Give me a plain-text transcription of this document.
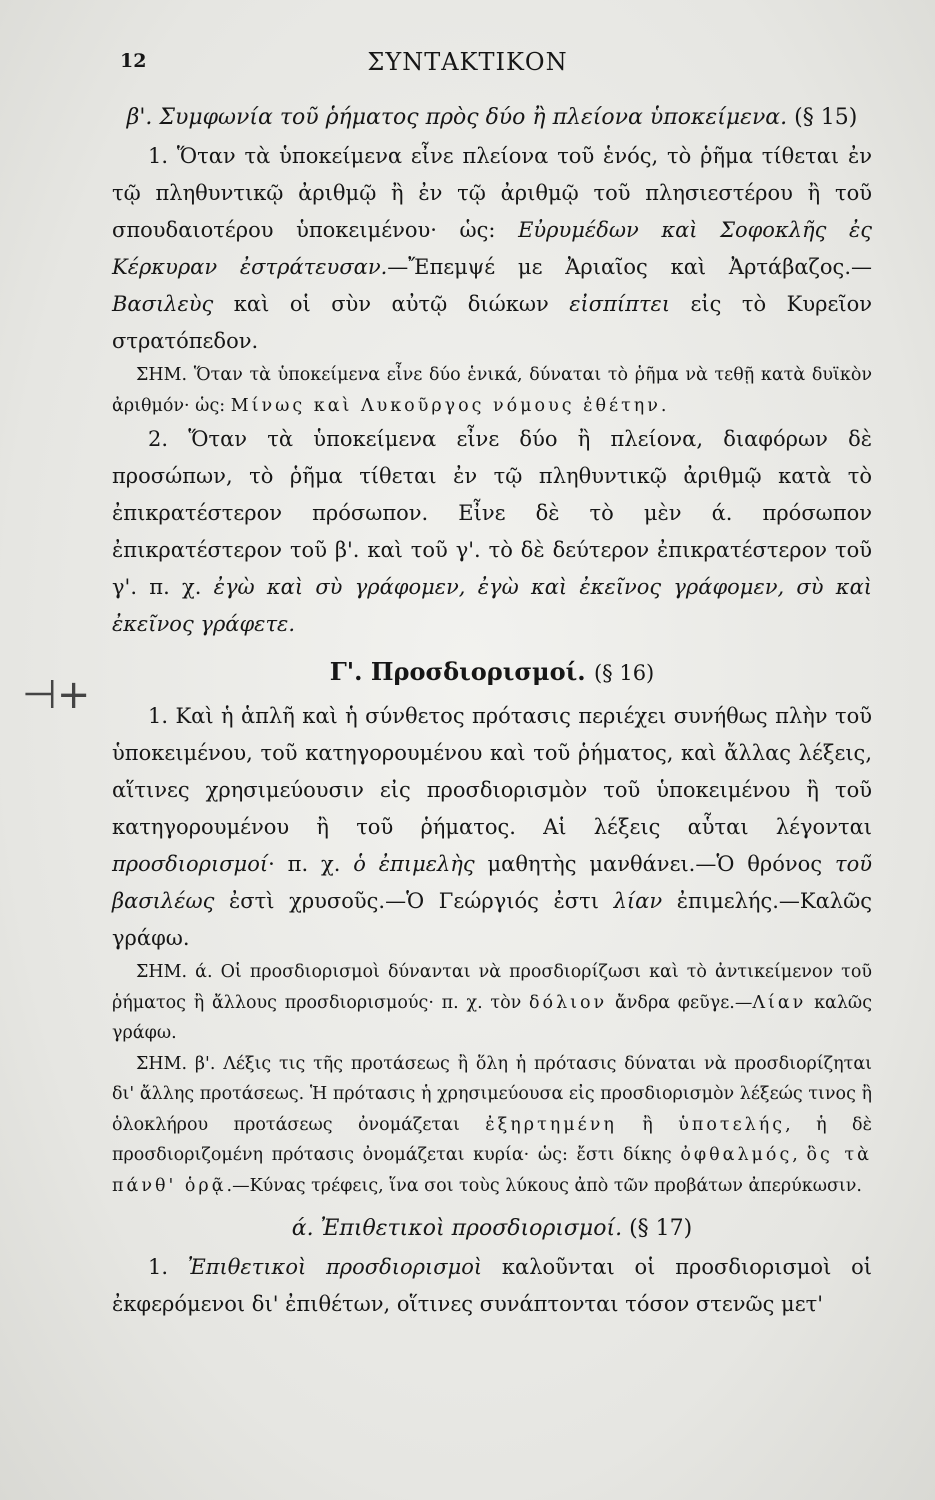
12	ΣΥΝΤΑΚΤΙΚΟΝ
⊣+
β'. Συμφωνία τοῦ ῥήματος πρὸς δύο ἢ πλείονα ὑποκείμενα. (§ 15)

1. Ὅταν τὰ ὑποκείμενα εἶνε πλείονα τοῦ ἑνός, τὸ ῥῆμα τίθεται ἐν τῷ πληθυντικῷ ἀριθμῷ ἢ ἐν τῷ ἀριθμῷ τοῦ πλησιεστέρου ἢ τοῦ σπουδαιοτέρου ὑποκειμένου· ὡς: Εὐρυμέδων καὶ Σοφοκλῆς ἐς Κέρκυραν ἐστράτευσαν.—Ἔπεμψέ με Ἀριαῖος καὶ Ἀρτάβαζος.—Βασιλεὺς καὶ οἱ σὺν αὐτῷ διώκων εἰσπίπτει εἰς τὸ Κυρεῖον στρατόπεδον.

ΣΗΜ. Ὅταν τὰ ὑποκείμενα εἶνε δύο ἑνικά, δύναται τὸ ῥῆμα νὰ τεθῇ κατὰ δυϊκὸν ἀριθμόν· ὡς: Μίνως καὶ Λυκοῦργος νόμους ἐθέτην.

2. Ὅταν τὰ ὑποκείμενα εἶνε δύο ἢ πλείονα, διαφόρων δὲ προσώπων, τὸ ῥῆμα τίθεται ἐν τῷ πληθυντικῷ ἀριθμῷ κατὰ τὸ ἐπικρατέστερον πρόσωπον. Εἶνε δὲ τὸ μὲν ά. πρόσωπον ἐπικρατέστερον τοῦ β'. καὶ τοῦ γ'. τὸ δὲ δεύτερον ἐπικρατέστερον τοῦ γ'. π. χ. ἐγὼ καὶ σὺ γράφομεν, ἐγὼ καὶ ἐκεῖνος γράφομεν, σὺ καὶ ἐκεῖνος γράφετε.

Γ'. Προσδιορισμοί. (§ 16)

1. Καὶ ἡ ἁπλῆ καὶ ἡ σύνθετος πρότασις περιέχει συνήθως πλὴν τοῦ ὑποκειμένου, τοῦ κατηγορουμένου καὶ τοῦ ῥήματος, καὶ ἄλλας λέξεις, αἵτινες χρησιμεύουσιν εἰς προσδιορισμὸν τοῦ ὑποκειμένου ἢ τοῦ κατηγορουμένου ἢ τοῦ ῥήματος. Αἱ λέξεις αὗται λέγονται προσδιορισμοί· π. χ. ὁ ἐπιμελὴς μαθητὴς μανθάνει.—Ὁ θρόνος τοῦ βασιλέως ἐστὶ χρυσοῦς.—Ὁ Γεώργιός ἐστι λίαν ἐπιμελής.—Καλῶς γράφω.

ΣΗΜ. ά. Οἱ προσδιορισμοὶ δύνανται νὰ προσδιορίζωσι καὶ τὸ ἀντικείμενον τοῦ ῥήματος ἢ ἄλλους προσδιορισμούς· π. χ. τὸν δόλιον ἄνδρα φεῦγε.—Λίαν καλῶς γράφω.

ΣΗΜ. β'. Λέξις τις τῆς προτάσεως ἢ ὅλη ἡ πρότασις δύναται νὰ προσδιορίζηται δι' ἄλλης προτάσεως. Ἡ πρότασις ἡ χρησιμεύουσα εἰς προσδιορισμὸν λέξεώς τινος ἢ ὁλοκλήρου προτάσεως ὀνομάζεται ἐξηρτημένη ἢ ὑποτελής, ἡ δὲ προσδιοριζομένη πρότασις ὀνομάζεται κυρία· ὡς: ἔστι δίκης ὀφθαλμός, ὃς τὰ πάνθ' ὁρᾷ.—Κύνας τρέφεις, ἵνα σοι τοὺς λύκους ἀπὸ τῶν προβάτων ἀπερύκωσιν.

ά. Ἐπιθετικοὶ προσδιορισμοί. (§ 17)

1. Ἐπιθετικοὶ προσδιορισμοὶ καλοῦνται οἱ προσδιορισμοὶ οἱ ἐκφερόμενοι δι' ἐπιθέτων, οἵτινες συνάπτονται τόσον στενῶς μετ'
